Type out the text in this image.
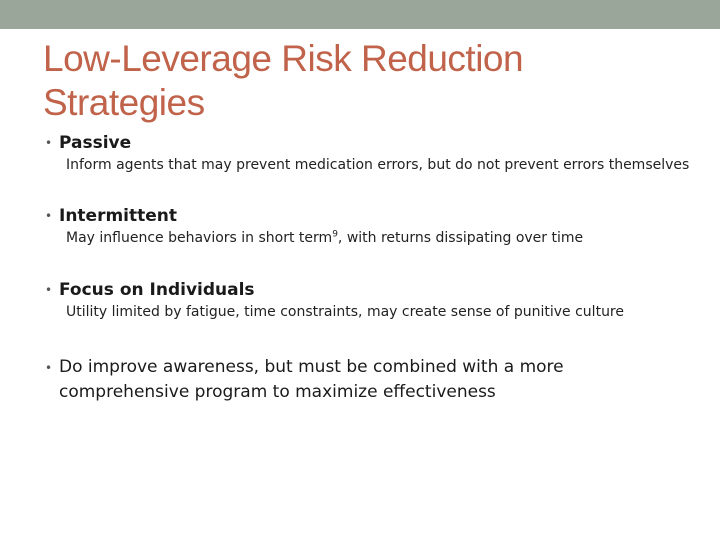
Low-Leverage Risk Reduction Strategies
• Passive
Inform agents that may prevent medication errors, but do not prevent errors themselves
• Intermittent
May influence behaviors in short term$^9$, with returns dissipating over time
• Focus on Individuals
Utility limited by fatigue, time constraints, may create sense of punitive culture
• Do improve awareness, but must be combined with a more comprehensive program to maximize effectiveness
